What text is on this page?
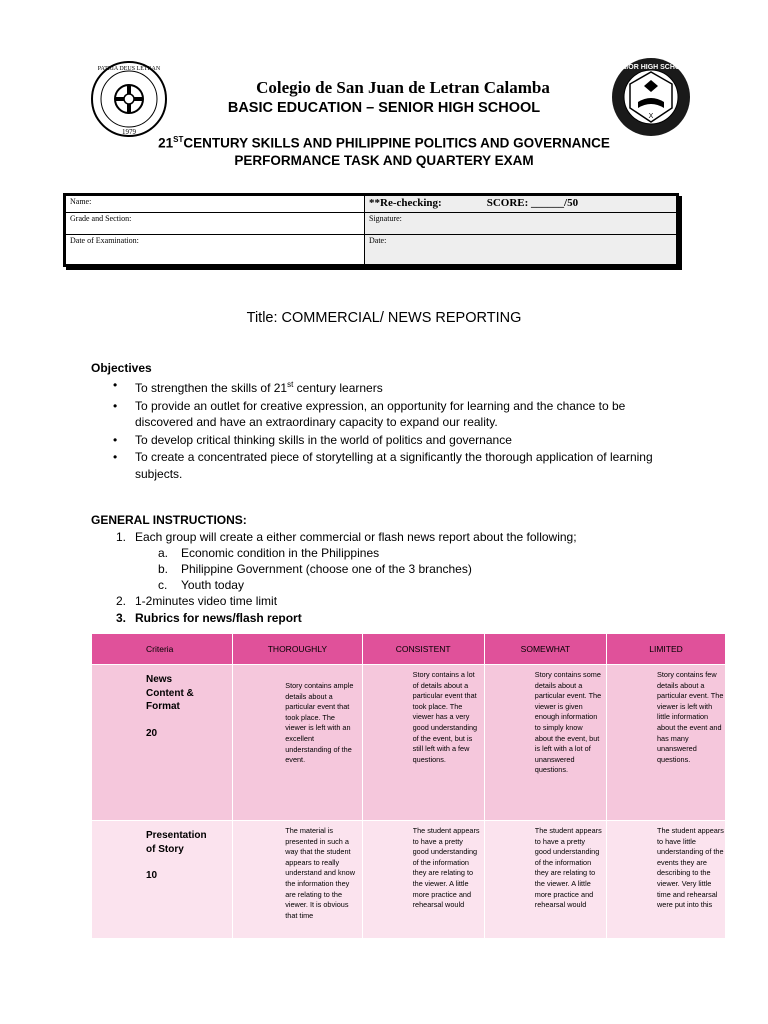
PATRIA DEUS LETRAN
1979
SENIOR HIGH SCHOOL
X
Colegio de San Juan de Letran Calamba
BASIC EDUCATION – SENIOR HIGH SCHOOL
21STCENTURY SKILLS AND PHILIPPINE POLITICS AND GOVERNANCE
PERFORMANCE TASK AND QUARTERY EXAM
Name:	**Re-checking: SCORE: ______/50
Grade and Section:	Signature:
Date of Examination:	Date:
Title: COMMERCIAL/ NEWS REPORTING
Objectives
• To strengthen the skills of 21st century learners
• To provide an outlet for creative expression, an opportunity for learning and the chance to be discovered and have an extraordinary capacity to expand our reality.
• To develop critical thinking skills in the world of politics and governance
• To create a concentrated piece of storytelling at a significantly the thorough application of learning subjects.
GENERAL INSTRUCTIONS:
1. Each group will create a either commercial or flash news report about the following;
a. Economic condition in the Philippines
b. Philippine Government (choose one of the 3 branches)
c. Youth today
2. 1-2minutes video time limit
3. Rubrics for news/flash report
Criteria	THOROUGHLY	CONSISTENT	SOMEWHAT	LIMITED
News
Content &
Format
20	Story contains ample details about a particular event that took place. The viewer is left with an excellent understanding of the event.	Story contains a lot of details about a particular event that took place. The viewer has a very good understanding of the event, but is still left with a few questions.	Story contains some details about a particular event. The viewer is given enough information to simply know about the event, but is left with a lot of unanswered questions.	Story contains few details about a particular event. The viewer is left with little information about the event and has many unanswered questions.

Presentation
of Story
10	The material is presented in such a way that the student appears to really understand and know the information they are relating to the viewer. It is obvious that time	The student appears to have a pretty good understanding of the information they are relating to the viewer. A little more practice and rehearsal would	The student appears to have a pretty good understanding of the information they are relating to the viewer. A little more practice and rehearsal would	The student appears to have little understanding of the events they are describing to the viewer. Very little time and rehearsal were put into this
